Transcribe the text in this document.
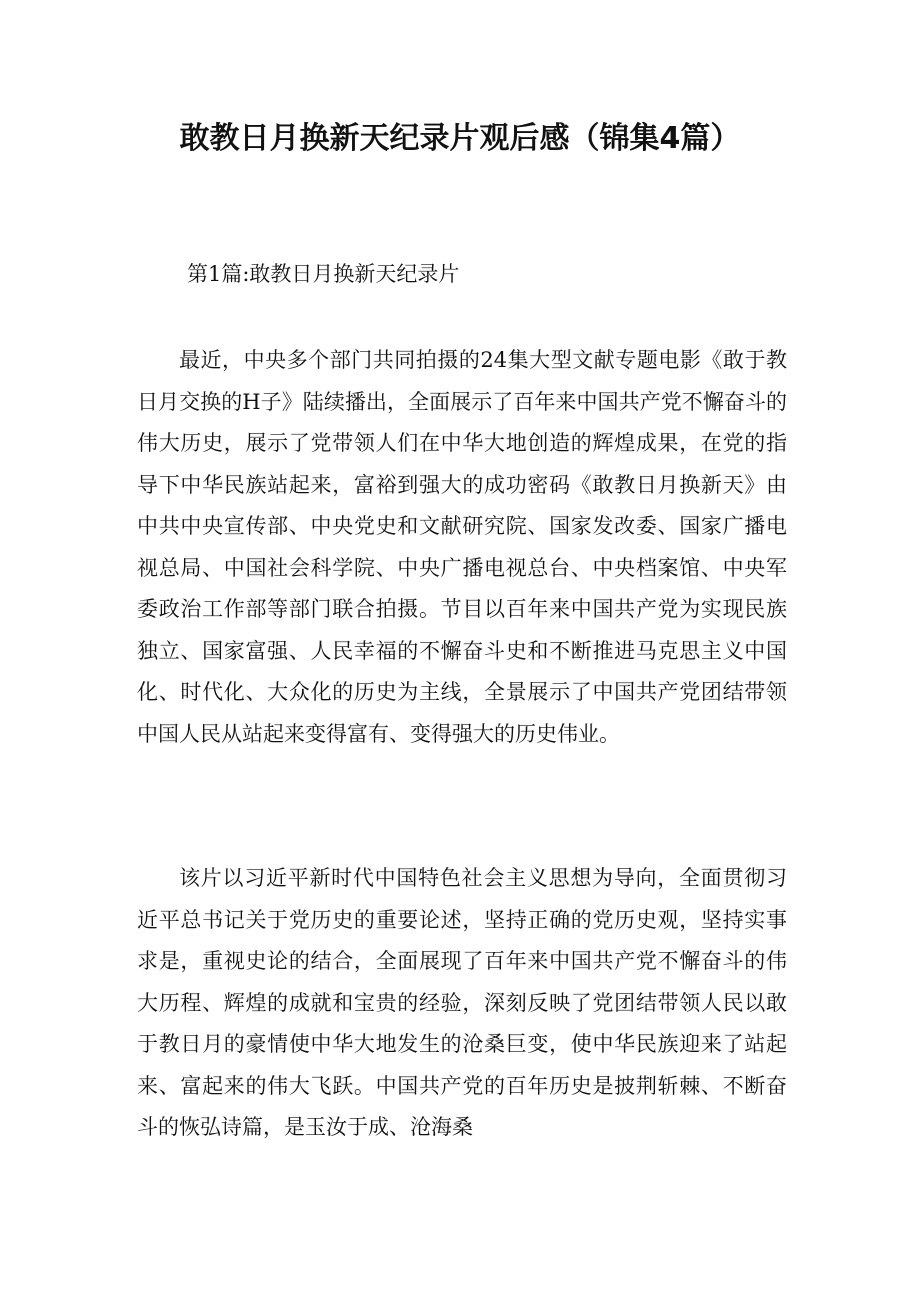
敢教日月换新天纪录片观后感（锦集4篇）

第1篇:敢教日月换新天纪录片

最近，中央多个部门共同拍摄的24集大型文献专题电影《敢于教日月交换的H子》陆续播出，全面展示了百年来中国共产党不懈奋斗的伟大历史，展示了党带领人们在中华大地创造的辉煌成果，在党的指导下中华民族站起来，富裕到强大的成功密码《敢教日月换新天》由中共中央宣传部、中央党史和文献研究院、国家发改委、国家广播电视总局、中国社会科学院、中央广播电视总台、中央档案馆、中央军委政治工作部等部门联合拍摄。节目以百年来中国共产党为实现民族独立、国家富强、人民幸福的不懈奋斗史和不断推进马克思主义中国化、时代化、大众化的历史为主线，全景展示了中国共产党团结带领中国人民从站起来变得富有、变得强大的历史伟业。

该片以习近平新时代中国特色社会主义思想为导向，全面贯彻习近平总书记关于党历史的重要论述，坚持正确的党历史观，坚持实事求是，重视史论的结合，全面展现了百年来中国共产党不懈奋斗的伟大历程、辉煌的成就和宝贵的经验，深刻反映了党团结带领人民以敢于教日月的豪情使中华大地发生的沧桑巨变，使中华民族迎来了站起来、富起来的伟大飞跃。中国共产党的百年历史是披荆斩棘、不断奋斗的恢弘诗篇，是玉汝于成、沧海桑
